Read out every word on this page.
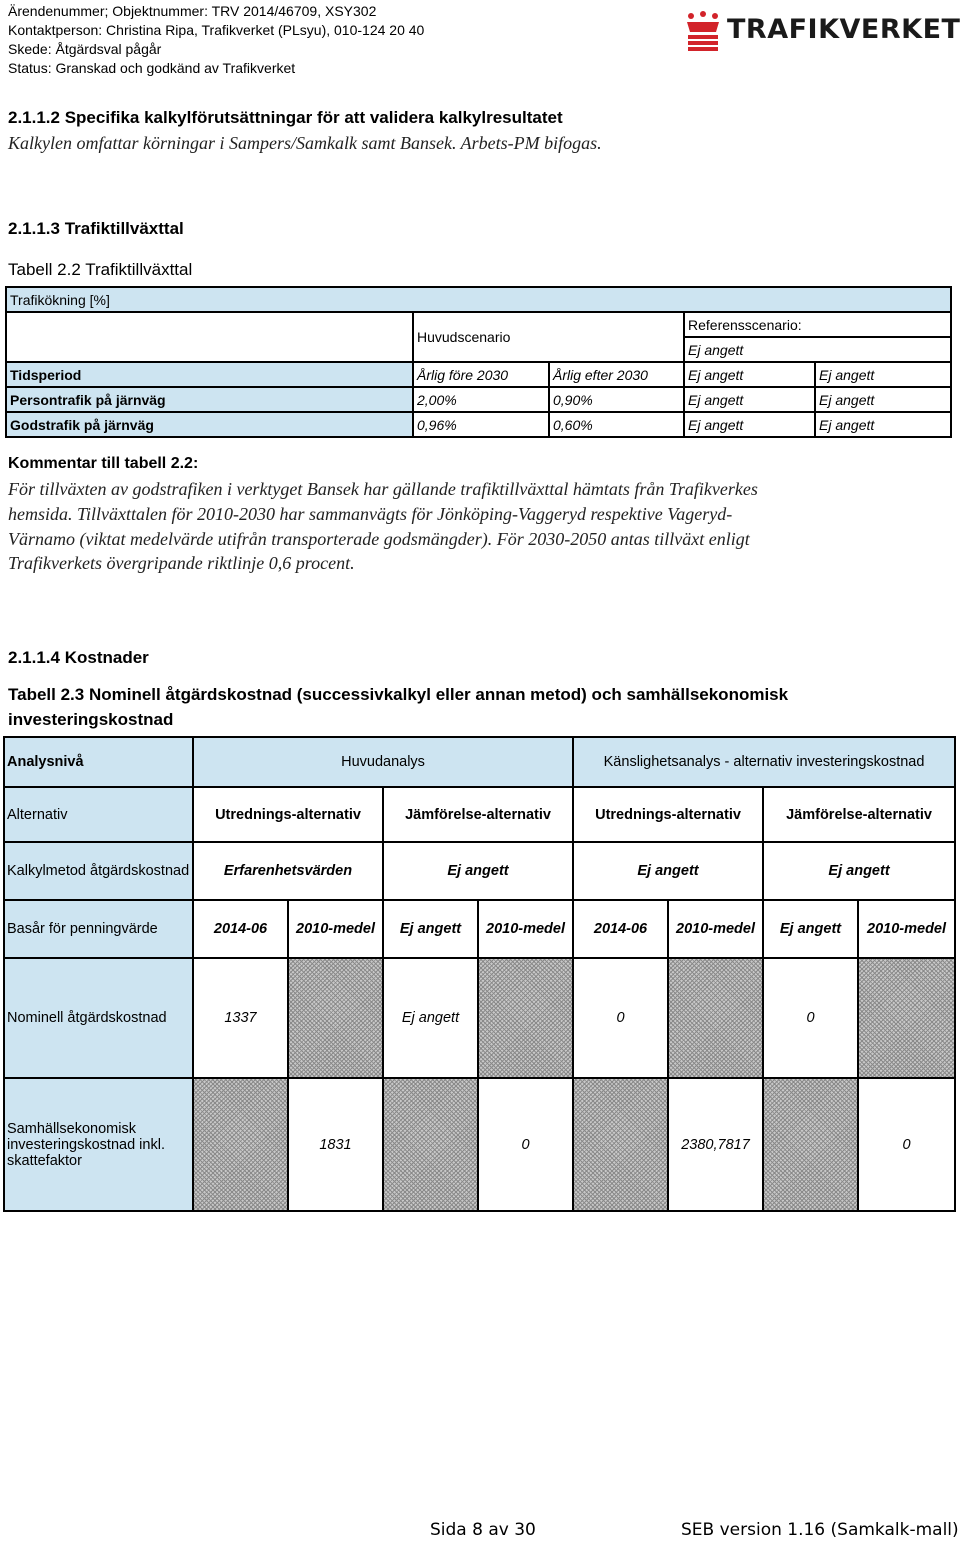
Ärendenummer; Objektnummer: TRV 2014/46709, XSY302
Kontaktperson: Christina Ripa, Trafikverket (PLsyu), 010-124 20 40
Skede: Åtgärdsval pågår
Status: Granskad och godkänd av Trafikverket
TRAFIKVERKET
2.1.1.2 Specifika kalkylförutsättningar för att validera kalkylresultatet
Kalkylen omfattar körningar i Sampers/Samkalk samt Bansek. Arbets-PM bifogas.
2.1.1.3 Trafiktillväxttal
Tabell 2.2 Trafiktillväxttal
Trafikökning [%]				
	Huvudscenario		Referensscenario:	
			Ej angett	
Tidsperiod	Årlig före 2030	Årlig efter 2030	Ej angett	Ej angett
Persontrafik på järnväg	2,00%	0,90%	Ej angett	Ej angett
Godstrafik på järnväg	0,96%	0,60%	Ej angett	Ej angett
Kommentar till tabell 2.2:
För tillväxten av godstrafiken i verktyget Bansek har gällande trafiktillväxttal hämtats från Trafikverkes
hemsida. Tillväxttalen för 2010-2030 har sammanvägts för Jönköping-Vaggeryd respektive Vageryd-
Värnamo (viktat medelvärde utifrån transporterade godsmängder). För 2030-2050 antas tillväxt enligt
Trafikverkets övergripande riktlinje 0,6 procent.
2.1.1.4 Kostnader
Tabell 2.3 Nominell åtgärdskostnad (successivkalkyl eller annan metod) och samhällsekonomisk
investeringskostnad
Analysnivå	Huvudanalys				Känslighetsanalys - alternativ investeringskostnad			
Alternativ	Utrednings-alternativ		Jämförelse-alternativ		Utrednings-alternativ		Jämförelse-alternativ	
Kalkylmetod åtgärdskostnad	Erfarenhetsvärden		Ej angett		Ej angett		Ej angett	
Basår för penningvärde	2014-06	2010-medel	Ej angett	2010-medel	2014-06	2010-medel	Ej angett	2010-medel
Nominell åtgärdskostnad	1337		Ej angett		0		0	
Samhällsekonomisk investeringskostnad inkl. skattefaktor		1831		0		2380,7817		0
Sida 8 av 30	SEB version 1.16 (Samkalk-mall)
